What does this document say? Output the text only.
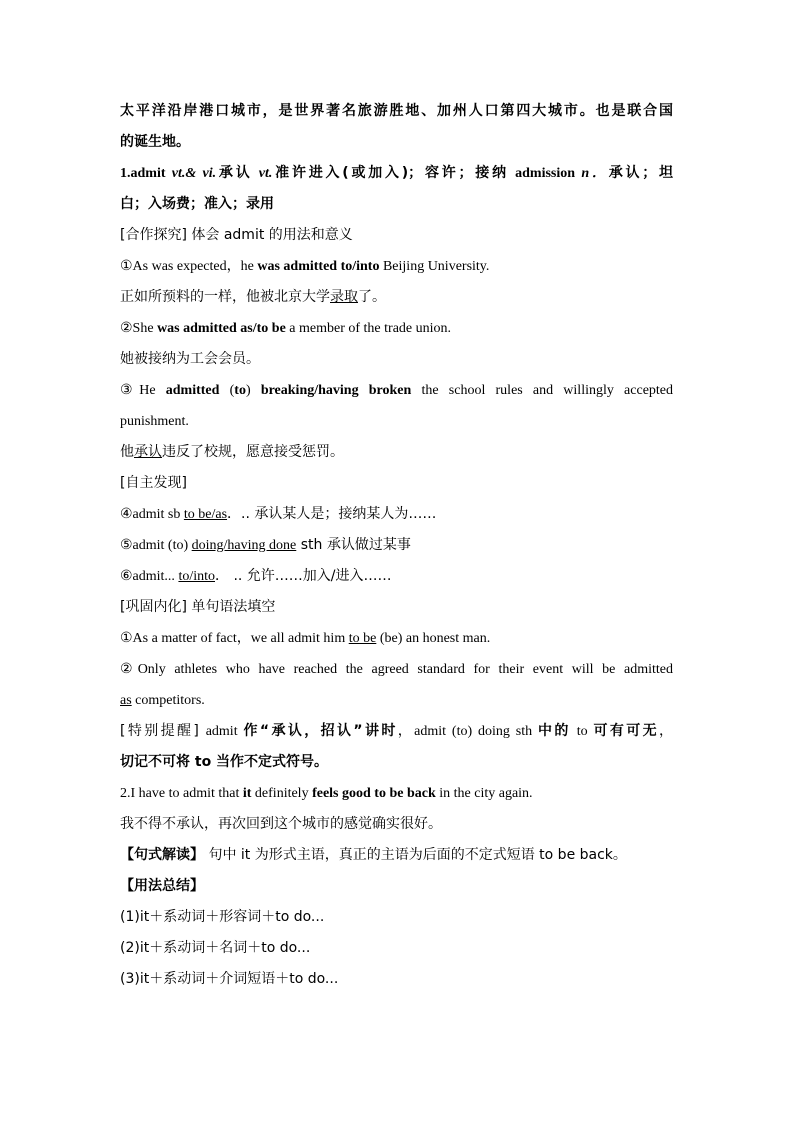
太平洋沿岸港口城市，是世界著名旅游胜地、加州人口第四大城市。也是联合国
的诞生地。
1.admit vt.& vi.承认 vt.准许进入(或加入)；容许；接纳 admission n．承认；坦
白；入场费；准入；录用
[合作探究] 体会 admit 的用法和意义
①As was expected，he was admitted to/into Beijing University.
正如所预料的一样，他被北京大学录取了。
②She was admitted as/to be a member of the trade union.
她被接纳为工会会员。
③He admitted (to) breaking/having broken the school rules and willingly accepted
punishment.
他承认违反了校规，愿意接受惩罚。
[自主发现]
④admit sb to be/as．.. 承认某人是；接纳某人为……
⑤admit (to) doing/having done sth 承认做过某事
⑥admit... to/into． .. 允许……加入/进入……
[巩固内化] 单句语法填空
①As a matter of fact，we all admit him to be (be) an honest man.
②Only athletes who have reached the agreed standard for their event will be admitted
as competitors.
[特别提醒] admit 作“承认，招认”讲时，admit (to) doing sth 中的 to 可有可无，
切记不可将 to 当作不定式符号。
2.I have to admit that it definitely feels good to be back in the city again.
我不得不承认，再次回到这个城市的感觉确实很好。
【句式解读】 句中 it 为形式主语，真正的主语为后面的不定式短语 to be back。
【用法总结】
(1)it＋系动词＋形容词＋to do...
(2)it＋系动词＋名词＋to do...
(3)it＋系动词＋介词短语＋to do...
